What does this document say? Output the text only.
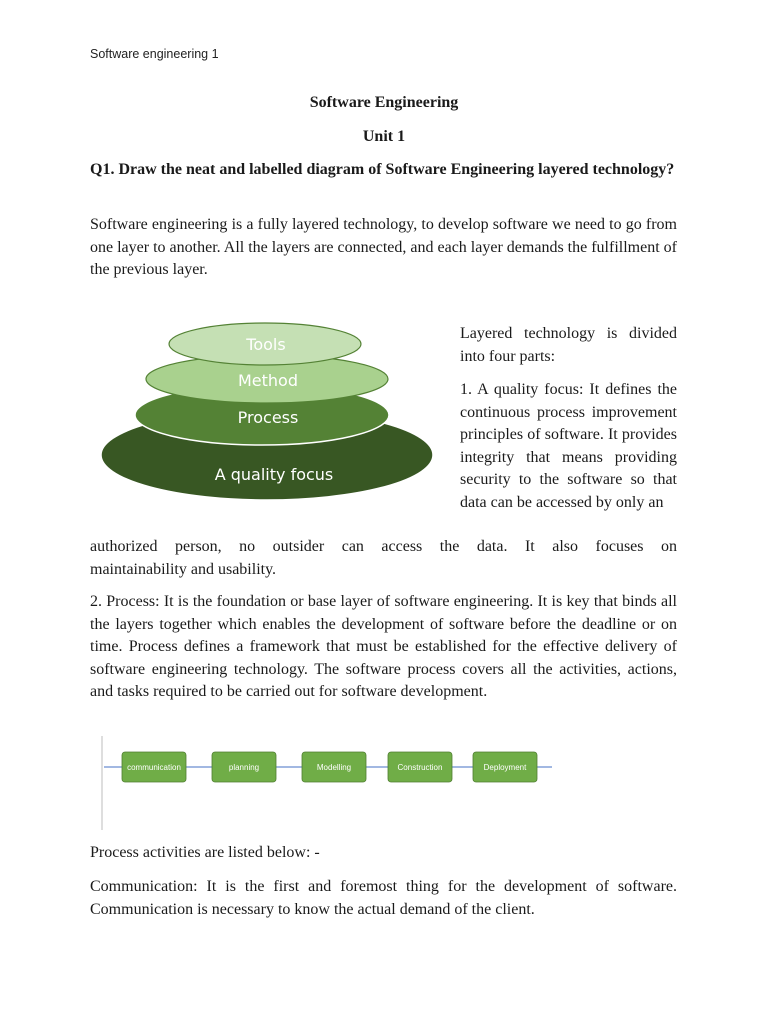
Software engineering 1
Software Engineering
Unit 1

Q1. Draw the neat and labelled diagram of Software Engineering layered technology?

Software engineering is a fully layered technology, to develop software we need to go from one layer to another. All the layers are connected, and each layer demands the fulfillment of the previous layer.

Tools
Method
Process
A quality focus

Layered technology is divided into four parts:

1. A quality focus: It defines the continuous process improvement principles of software. It provides integrity that means providing security to the software so that data can be accessed by only an

authorized person, no outsider can access the data. It also focuses on
maintainability and usability.

2. Process: It is the foundation or base layer of software engineering. It is key that binds all the layers together which enables the development of software before the deadline or on time. Process defines a framework that must be established for the effective delivery of software engineering technology. The software process covers all the activities, actions, and tasks required to be carried out for software development.

communication	planning	Modelling	Construction	Deployment

Process activities are listed below: -

Communication: It is the first and foremost thing for the development of software. Communication is necessary to know the actual demand of the client.
